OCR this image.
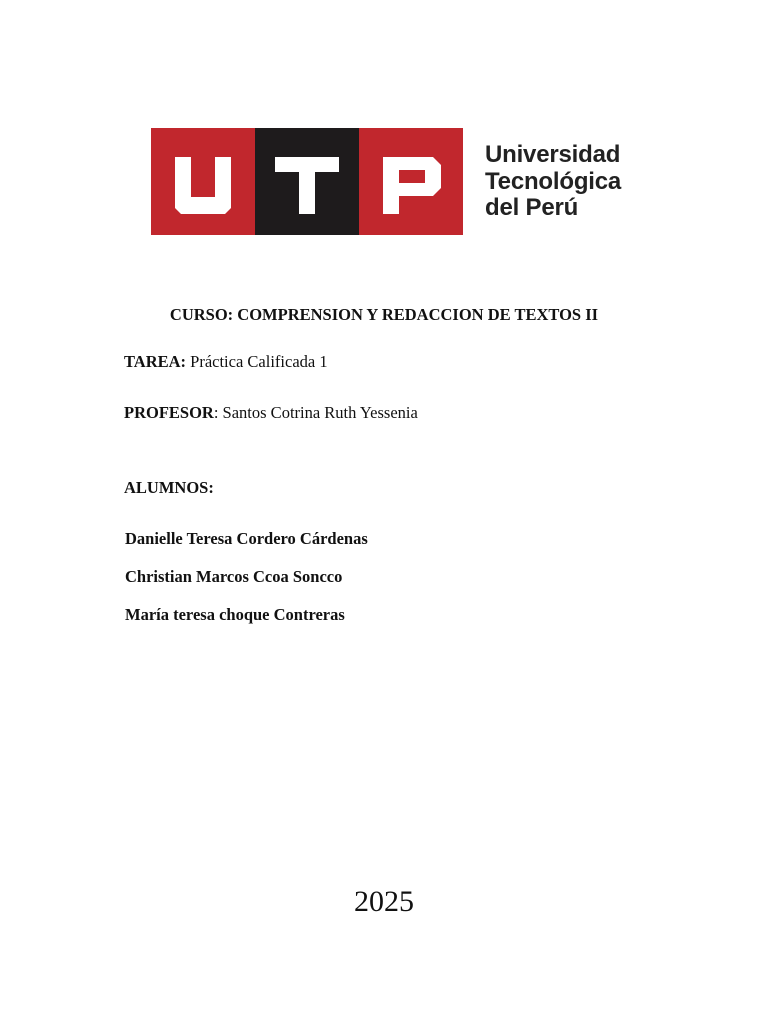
Universidad
Tecnológica
del Perú
CURSO: COMPRENSION Y REDACCION DE TEXTOS II
TAREA: Práctica Calificada 1
PROFESOR: Santos Cotrina Ruth Yessenia
ALUMNOS:
Danielle Teresa Cordero Cárdenas
Christian Marcos Ccoa Soncco
María teresa choque Contreras
2025
